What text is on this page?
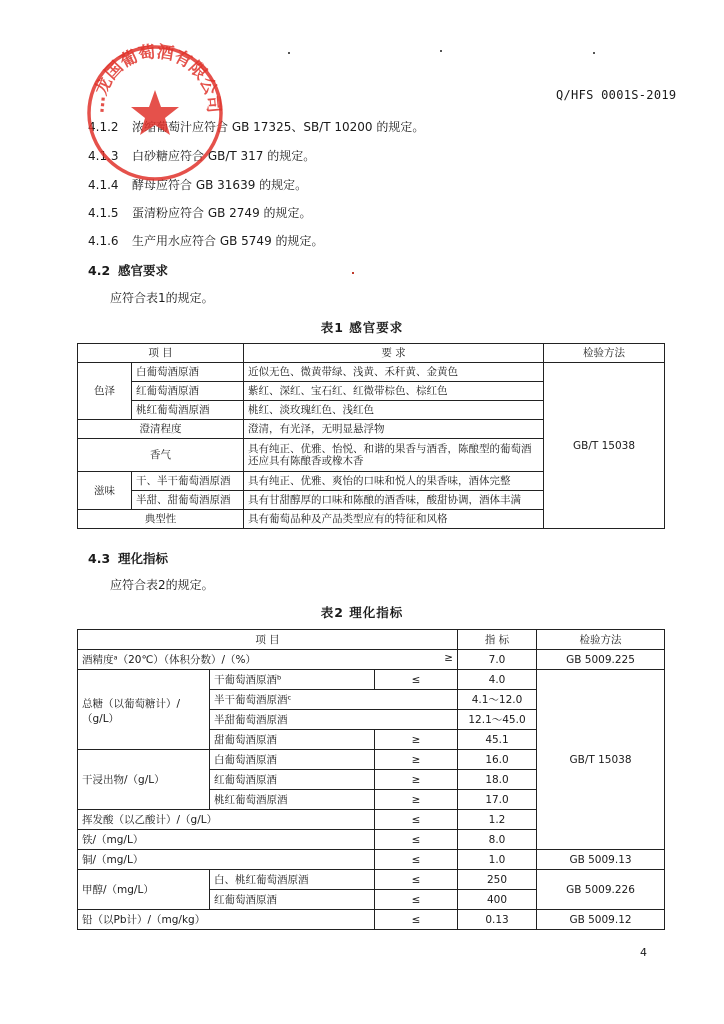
Q/HFS 0001S-2019
4.1.2 浓缩葡萄汁应符合 GB 17325、SB/T 10200 的规定。
4.1.3 白砂糖应符合 GB/T 317 的规定。
4.1.4 酵母应符合 GB 31639 的规定。
4.1.5 蛋清粉应符合 GB 2749 的规定。
4.1.6 生产用水应符合 GB 5749 的规定。
4.2 感官要求
应符合表1的规定。
表1 感官要求
项 目		要 求	检验方法
色泽	白葡萄酒原酒	近似无色、微黄带绿、浅黄、禾秆黄、金黄色	GB/T 15038
	红葡萄酒原酒	紫红、深红、宝石红、红微带棕色、棕红色	
	桃红葡萄酒原酒	桃红、淡玫瑰红色、浅红色	
澄清程度		澄清，有光泽，无明显悬浮物	
香气		具有纯正、优雅、怡悦、和谐的果香与酒香，陈酿型的葡萄酒还应具有陈酿香或橡木香	
滋味	干、半干葡萄酒原酒	具有纯正、优雅、爽怡的口味和悦人的果香味，酒体完整	
	半甜、甜葡萄酒原酒	具有甘甜醇厚的口味和陈酿的酒香味，酸甜协调，酒体丰满	
典型性		具有葡萄品种及产品类型应有的特征和风格	
4.3 理化指标
应符合表2的规定。
表2 理化指标
项 目			指 标	检验方法

酒精度ᵃ（20℃）（体积分数）/（%） ≥			7.0	GB 5009.225
总糖（以葡萄糖计）/（g/L）	干葡萄酒原酒ᵇ	≤	4.0	GB/T 15038
	半干葡萄酒原酒ᶜ		4.1～12.0	
	半甜葡萄酒原酒		12.1～45.0	
	甜葡萄酒原酒	≥	45.1	
干浸出物/（g/L）	白葡萄酒原酒	≥	16.0	
	红葡萄酒原酒	≥	18.0	
	桃红葡萄酒原酒	≥	17.0	
挥发酸（以乙酸计）/（g/L）		≤	1.2	
铁/（mg/L）		≤	8.0	
铜/（mg/L）		≤	1.0	GB 5009.13
甲醇/（mg/L）	白、桃红葡萄酒原酒	≤	250	GB 5009.226
	红葡萄酒原酒	≤	400	
铅（以Pb计）/（mg/kg）		≤	0.13	GB 5009.12
4
…龙国葡萄酒有限公司
